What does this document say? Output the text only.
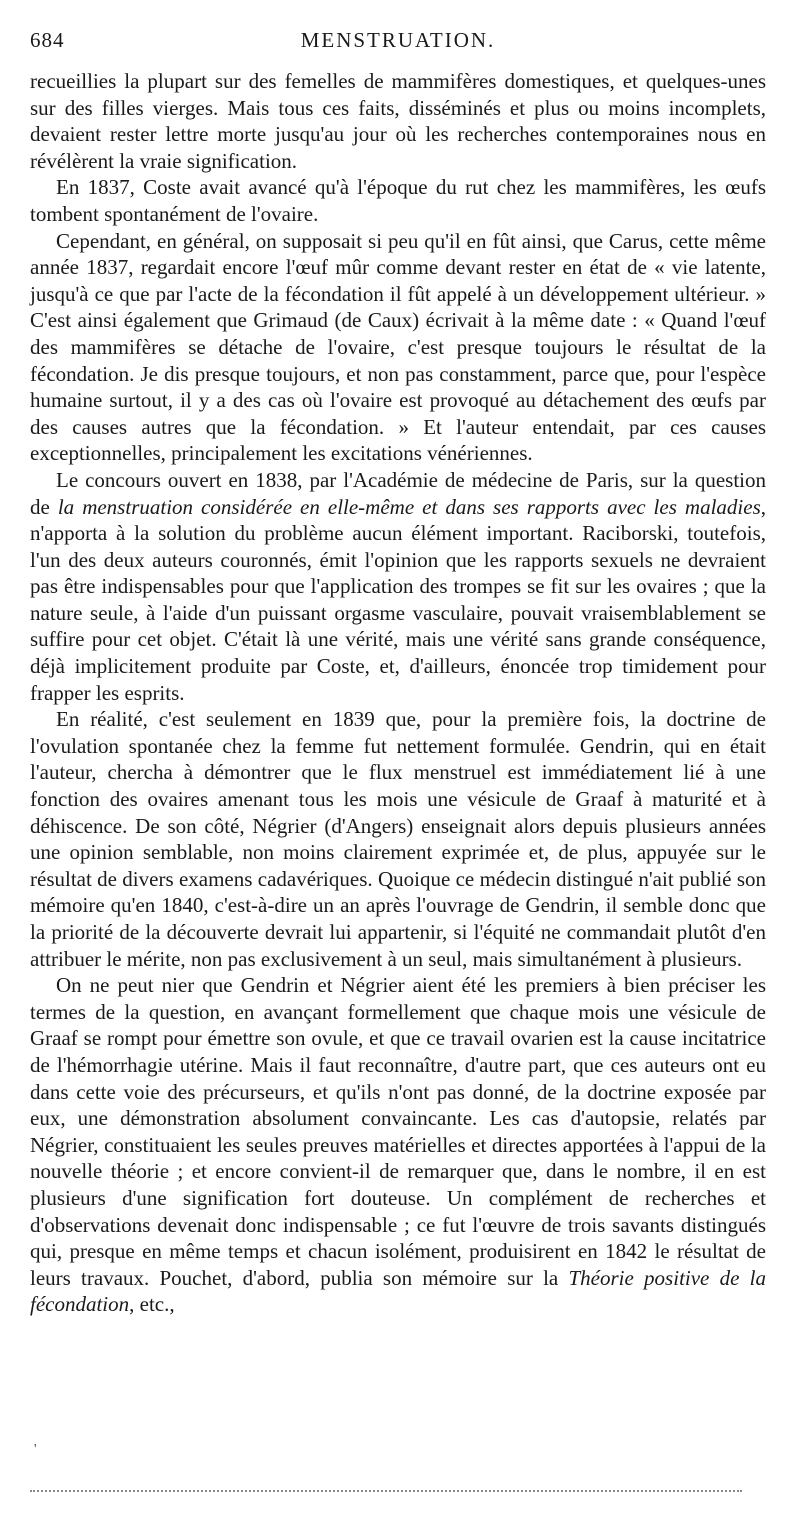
684	MENSTRUATION.

recueillies la plupart sur des femelles de mammifères domestiques, et quelques-unes sur des filles vierges. Mais tous ces faits, disséminés et plus ou moins incomplets, devaient rester lettre morte jusqu'au jour où les recherches contemporaines nous en révélèrent la vraie signification.

En 1837, Coste avait avancé qu'à l'époque du rut chez les mammifères, les œufs tombent spontanément de l'ovaire.

Cependant, en général, on supposait si peu qu'il en fût ainsi, que Carus, cette même année 1837, regardait encore l'œuf mûr comme devant rester en état de « vie latente, jusqu'à ce que par l'acte de la fécondation il fût appelé à un développement ultérieur. » C'est ainsi également que Grimaud (de Caux) écrivait à la même date : « Quand l'œuf des mammifères se détache de l'ovaire, c'est presque toujours le résultat de la fécondation. Je dis presque toujours, et non pas constamment, parce que, pour l'espèce humaine surtout, il y a des cas où l'ovaire est provoqué au détachement des œufs par des causes autres que la fécondation. » Et l'auteur entendait, par ces causes exceptionnelles, principalement les excitations vénériennes.

Le concours ouvert en 1838, par l'Académie de médecine de Paris, sur la question de la menstruation considérée en elle-même et dans ses rapports avec les maladies, n'apporta à la solution du problème aucun élément important. Raciborski, toutefois, l'un des deux auteurs couronnés, émit l'opinion que les rapports sexuels ne devraient pas être indispensables pour que l'application des trompes se fit sur les ovaires ; que la nature seule, à l'aide d'un puissant orgasme vasculaire, pouvait vraisemblablement se suffire pour cet objet. C'était là une vérité, mais une vérité sans grande conséquence, déjà implicitement produite par Coste, et, d'ailleurs, énoncée trop timidement pour frapper les esprits.

En réalité, c'est seulement en 1839 que, pour la première fois, la doctrine de l'ovulation spontanée chez la femme fut nettement formulée. Gendrin, qui en était l'auteur, chercha à démontrer que le flux menstruel est immédiatement lié à une fonction des ovaires amenant tous les mois une vésicule de Graaf à maturité et à déhiscence. De son côté, Négrier (d'Angers) enseignait alors depuis plusieurs années une opinion semblable, non moins clairement exprimée et, de plus, appuyée sur le résultat de divers examens cadavériques. Quoique ce médecin distingué n'ait publié son mémoire qu'en 1840, c'est-à-dire un an après l'ouvrage de Gendrin, il semble donc que la priorité de la découverte devrait lui appartenir, si l'équité ne commandait plutôt d'en attribuer le mérite, non pas exclusivement à un seul, mais simultanément à plusieurs.

On ne peut nier que Gendrin et Négrier aient été les premiers à bien préciser les termes de la question, en avançant formellement que chaque mois une vésicule de Graaf se rompt pour émettre son ovule, et que ce travail ovarien est la cause incitatrice de l'hémorrhagie utérine. Mais il faut reconnaître, d'autre part, que ces auteurs ont eu dans cette voie des précurseurs, et qu'ils n'ont pas donné, de la doctrine exposée par eux, une démonstration absolument convaincante. Les cas d'autopsie, relatés par Négrier, constituaient les seules preuves matérielles et directes apportées à l'appui de la nouvelle théorie ; et encore convient-il de remarquer que, dans le nombre, il en est plusieurs d'une signification fort douteuse. Un complément de recherches et d'observations devenait donc indispensable ; ce fut l'œuvre de trois savants distingués qui, presque en même temps et chacun isolément, produisirent en 1842 le résultat de leurs travaux. Pouchet, d'abord, publia son mémoire sur la Théorie positive de la fécondation, etc.,

'
